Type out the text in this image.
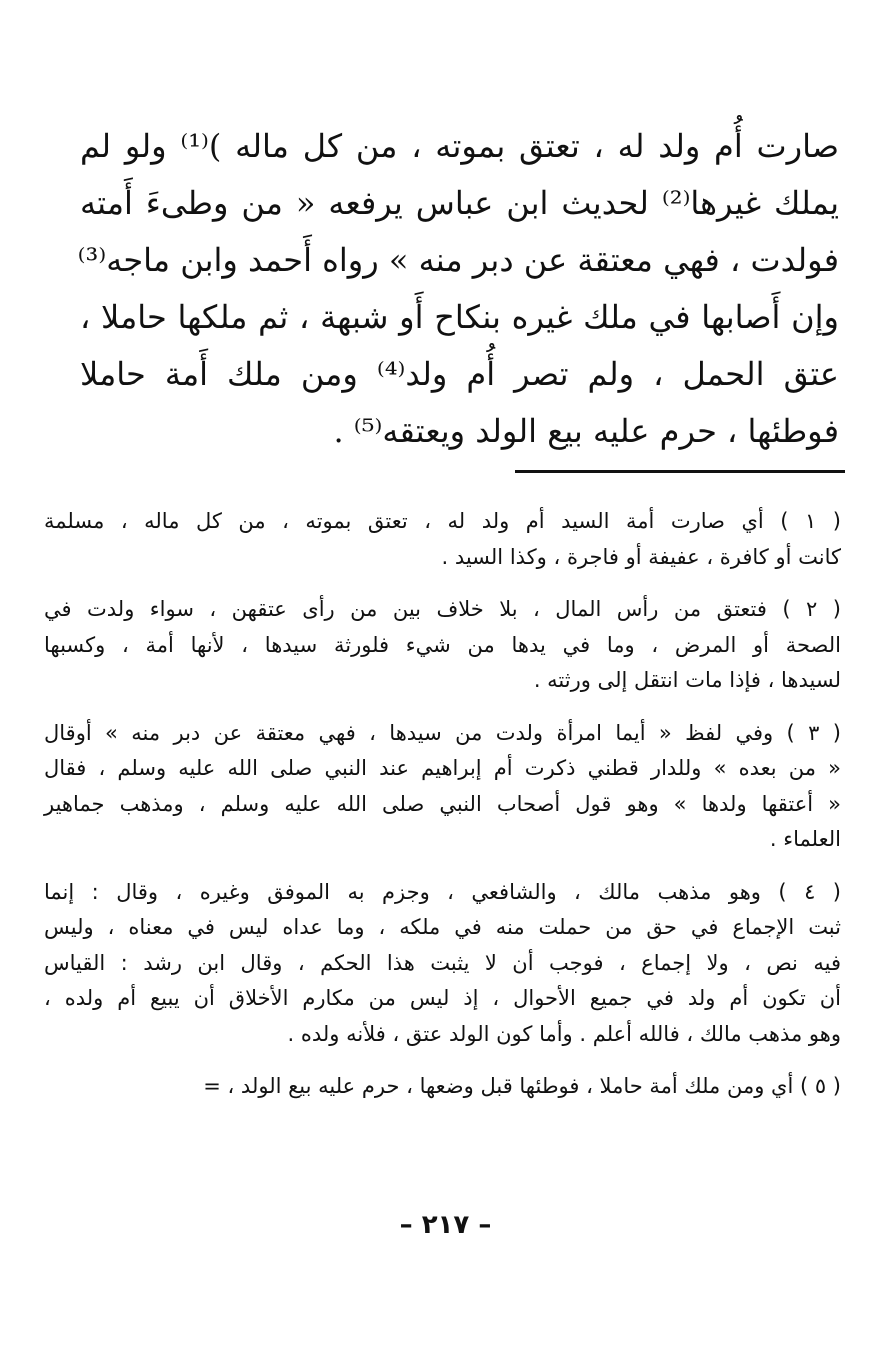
صارت أُم ولد له ، تعتق بموته ، من كل ماله )⁽¹⁾ ولو لم
يملك غيرها⁽²⁾ لحديث ابن عباس يرفعه « من وطىءَ أَمته
فولدت ، فهي معتقة عن دبر منه » رواه أَحمد وابن ماجه⁽³⁾
وإن أَصابها في ملك غيره بنكاح أَو شبهة ، ثم ملكها حاملا ،
عتق الحمل ، ولم تصر أُم ولد⁽⁴⁾ ومن ملك أَمة حاملا
فوطئها ، حرم عليه بيع الولد ويعتقه⁽⁵⁾ .
( ١ ) أي صارت أمة السيد أم ولد له ، تعتق بموته ، من كل ماله ، مسلمة
كانت أو كافرة ، عفيفة أو فاجرة ، وكذا السيد .
( ٢ ) فتعتق من رأس المال ، بلا خلاف بين من رأى عتقهن ، سواء ولدت في
الصحة أو المرض ، وما في يدها من شيء فلورثة سيدها ، لأنها أمة ، وكسبها
لسيدها ، فإذا مات انتقل إلى ورثته .
( ٣ ) وفي لفظ « أيما امرأة ولدت من سيدها ، فهي معتقة عن دبر منه » أوقال
« من بعده » وللدار قطني ذكرت أم إبراهيم عند النبي صلى الله عليه وسلم ، فقال
« أعتقها ولدها » وهو قول أصحاب النبي صلى الله عليه وسلم ، ومذهب جماهير
العلماء .
( ٤ ) وهو مذهب مالك ، والشافعي ، وجزم به الموفق وغيره ، وقال : إنما
ثبت الإجماع في حق من حملت منه في ملكه ، وما عداه ليس في معناه ، وليس
فيه نص ، ولا إجماع ، فوجب أن لا يثبت هذا الحكم ، وقال ابن رشد : القياس
أن تكون أم ولد في جميع الأحوال ، إذ ليس من مكارم الأخلاق أن يبيع أم ولده ،
وهو مذهب مالك ، فالله أعلم . وأما كون الولد عتق ، فلأنه ولده .
( ٥ ) أي ومن ملك أمة حاملا ، فوطئها قبل وضعها ، حرم عليه بيع الولد ، =
– ٢١٧ –
